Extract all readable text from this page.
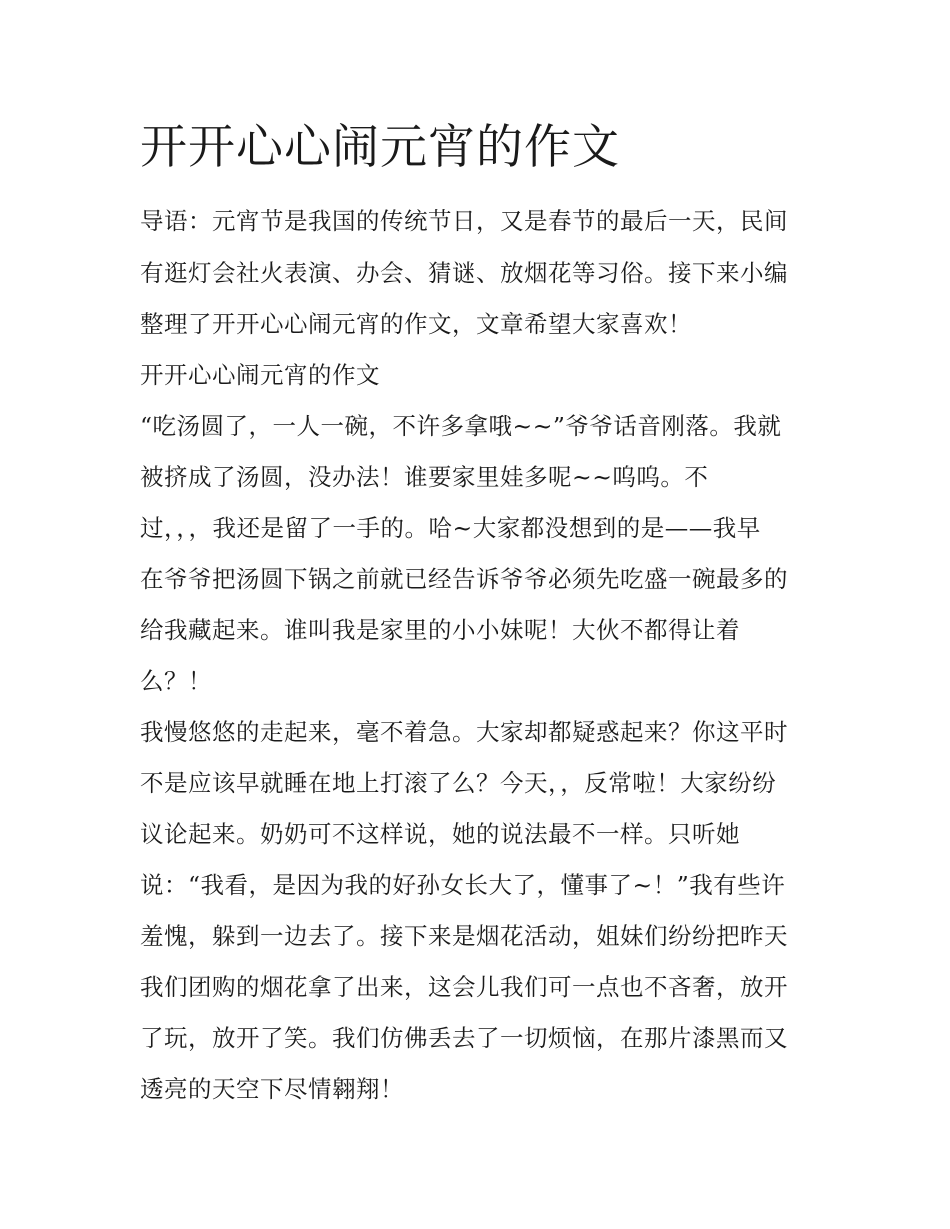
开开心心闹元宵的作文

导语：元宵节是我国的传统节日，又是春节的最后一天，民间

有逛灯会社火表演、办会、猜谜、放烟花等习俗。接下来小编

整理了开开心心闹元宵的作文，文章希望大家喜欢！

开开心心闹元宵的作文

“吃汤圆了，一人一碗，不许多拿哦~~”爷爷话音刚落。我就

被挤成了汤圆，没办法！谁要家里娃多呢~~呜呜。不

过，，，我还是留了一手的。哈~大家都没想到的是——我早

在爷爷把汤圆下锅之前就已经告诉爷爷必须先吃盛一碗最多的

给我藏起来。谁叫我是家里的小小妹呢！大伙不都得让着

么？！

我慢悠悠的走起来，毫不着急。大家却都疑惑起来？你这平时

不是应该早就睡在地上打滚了么？今天，，反常啦！大家纷纷

议论起来。奶奶可不这样说，她的说法最不一样。只听她

说：“我看，是因为我的好孙女长大了，懂事了~！”我有些许

羞愧，躲到一边去了。接下来是烟花活动，姐妹们纷纷把昨天

我们团购的烟花拿了出来，这会儿我们可一点也不吝奢，放开

了玩，放开了笑。我们仿佛丢去了一切烦恼，在那片漆黑而又

透亮的天空下尽情翱翔！
